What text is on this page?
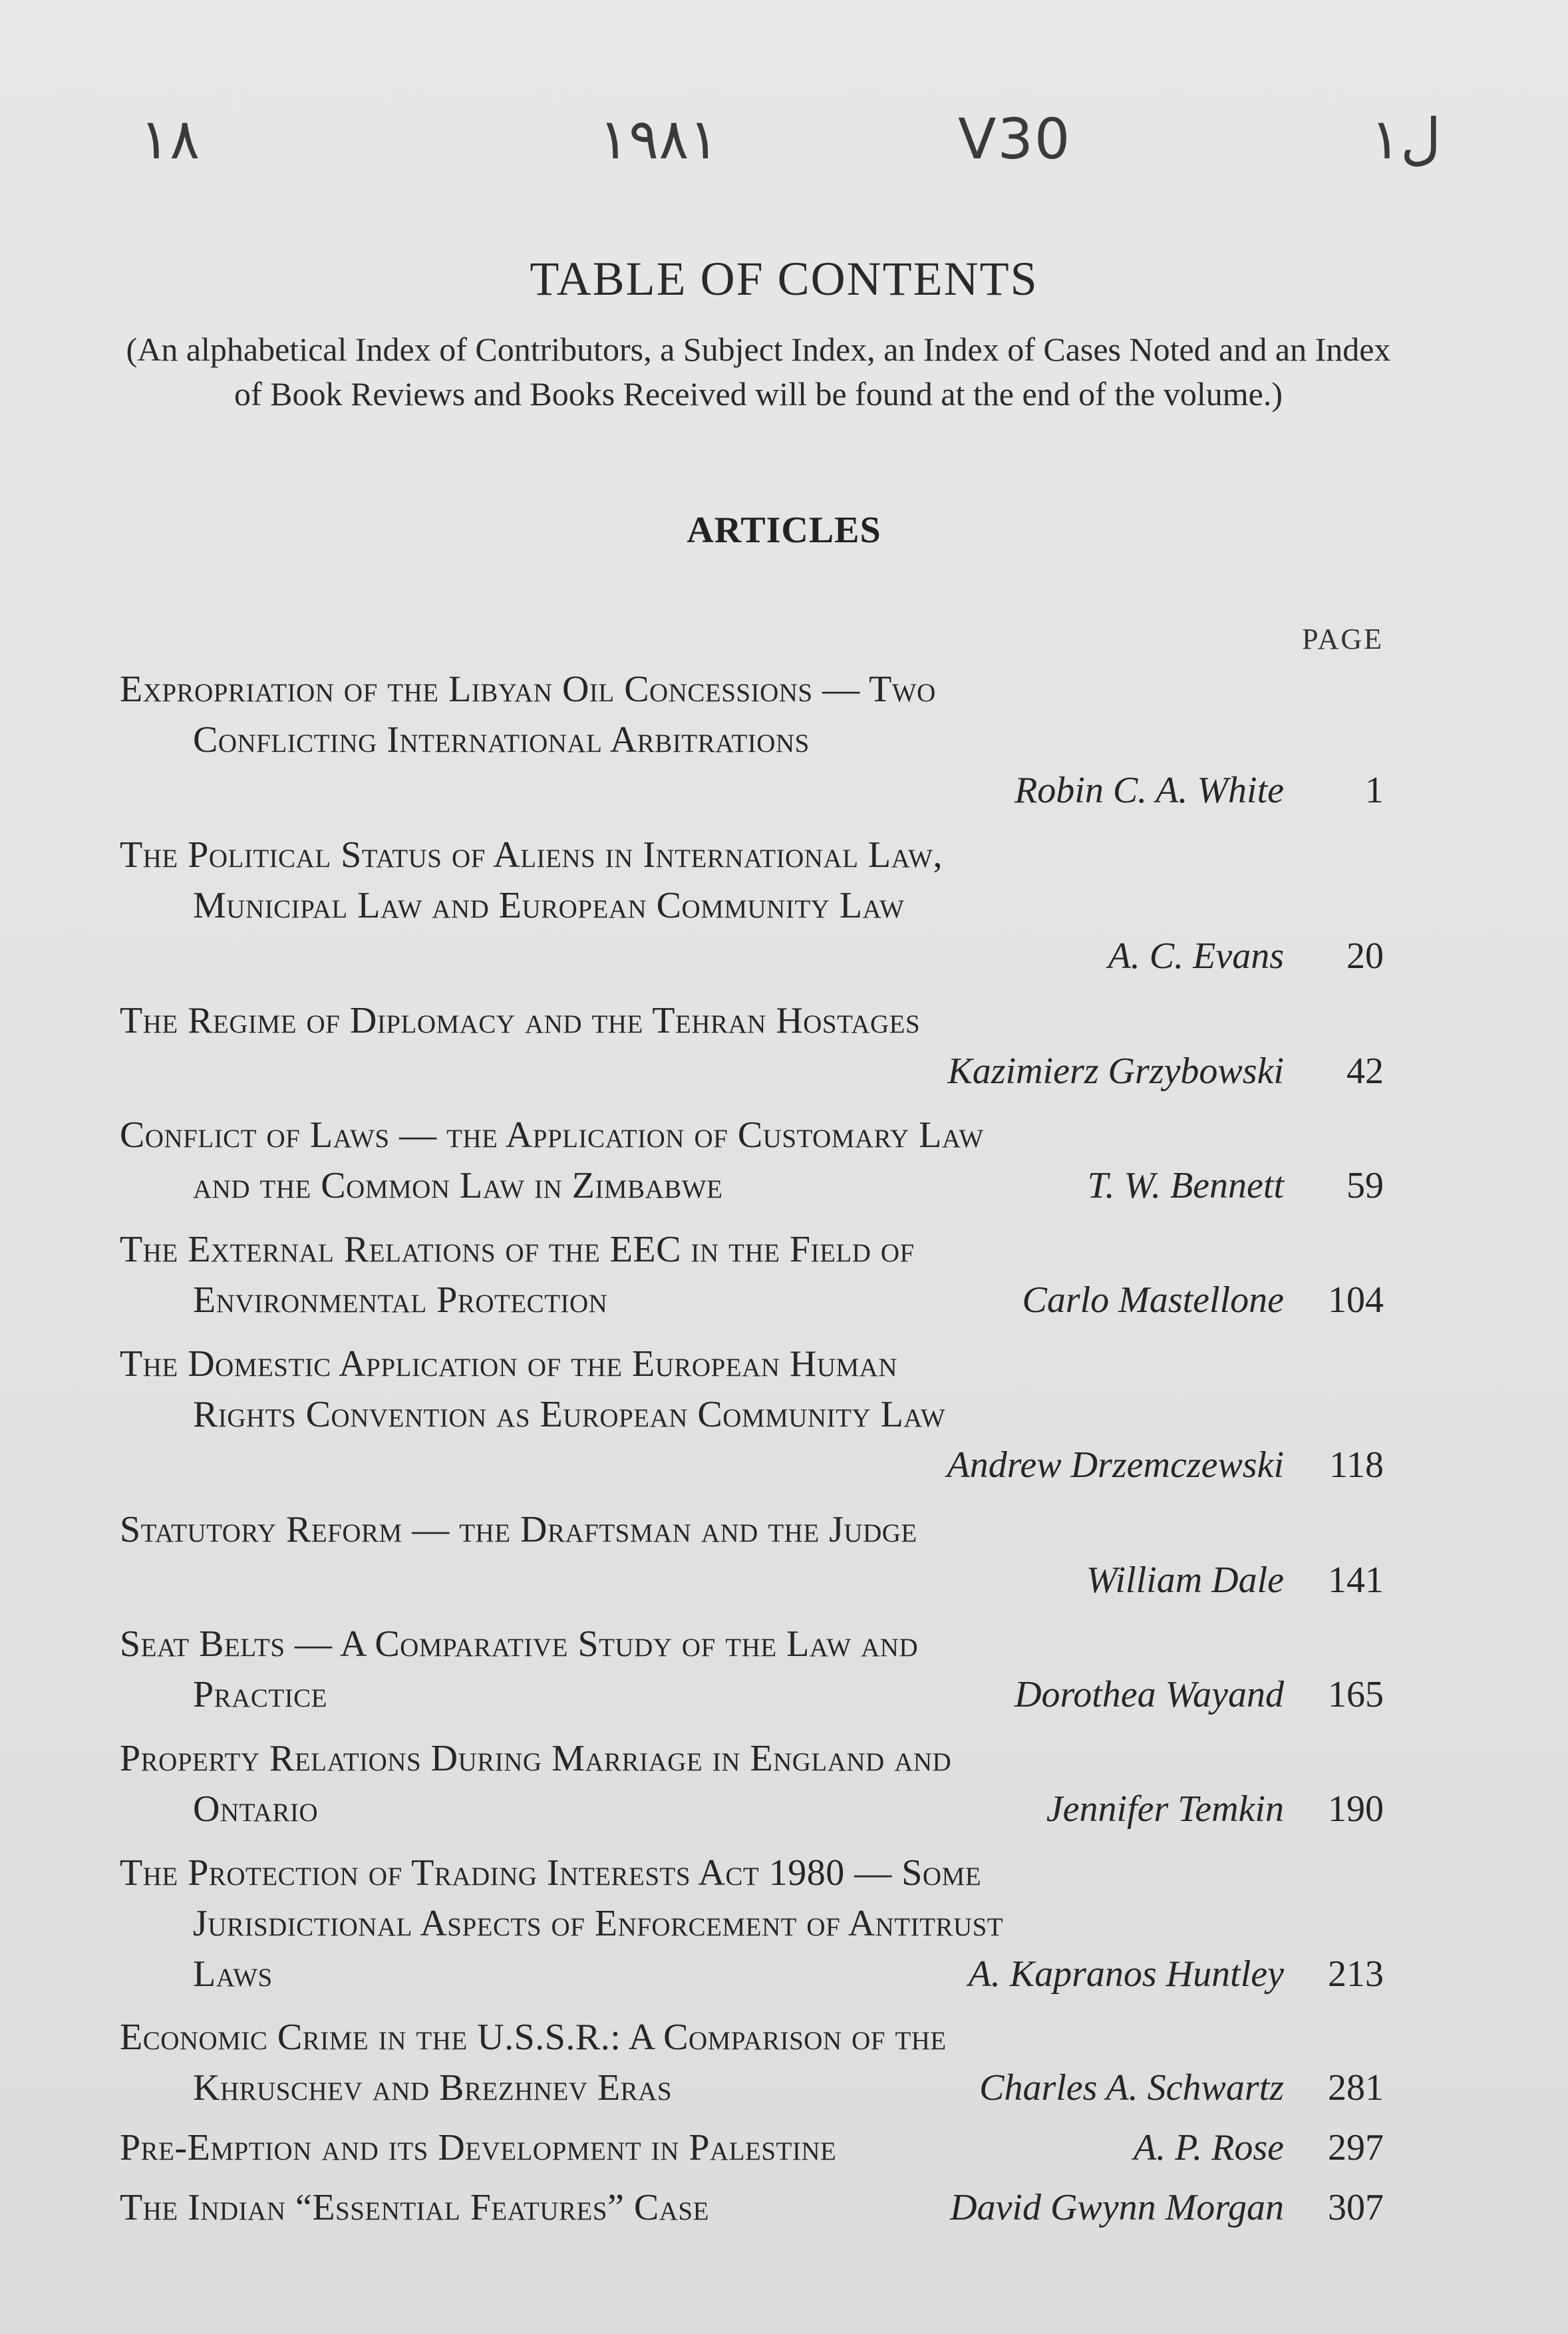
١٨	١٩٨١	V30	ل١
TABLE OF CONTENTS
(An alphabetical Index of Contributors, a Subject Index, an Index of Cases Noted and an Index of Book Reviews and Books Received will be found at the end of the volume.)
ARTICLES
PAGE
Expropriation of the Libyan Oil Concessions — Two
Conflicting International Arbitrations
Robin C. A. White	1
The Political Status of Aliens in International Law,
Municipal Law and European Community Law
A. C. Evans	20
The Regime of Diplomacy and the Tehran Hostages
Kazimierz Grzybowski	42
Conflict of Laws — the Application of Customary Law
and the Common Law in Zimbabwe	T. W. Bennett	59
The External Relations of the EEC in the Field of
Environmental Protection	Carlo Mastellone	104
The Domestic Application of the European Human
Rights Convention as European Community Law
Andrew Drzemczewski	118
Statutory Reform — the Draftsman and the Judge
William Dale	141
Seat Belts — A Comparative Study of the Law and
Practice	Dorothea Wayand	165
Property Relations During Marriage in England and
Ontario	Jennifer Temkin	190
The Protection of Trading Interests Act 1980 — Some
Jurisdictional Aspects of Enforcement of Antitrust
Laws	A. Kapranos Huntley	213
Economic Crime in the U.S.S.R.: A Comparison of the
Khruschev and Brezhnev Eras	Charles A. Schwartz	281
Pre-Emption and its Development in Palestine	A. P. Rose	297
The Indian “Essential Features” Case	David Gwynn Morgan	307
